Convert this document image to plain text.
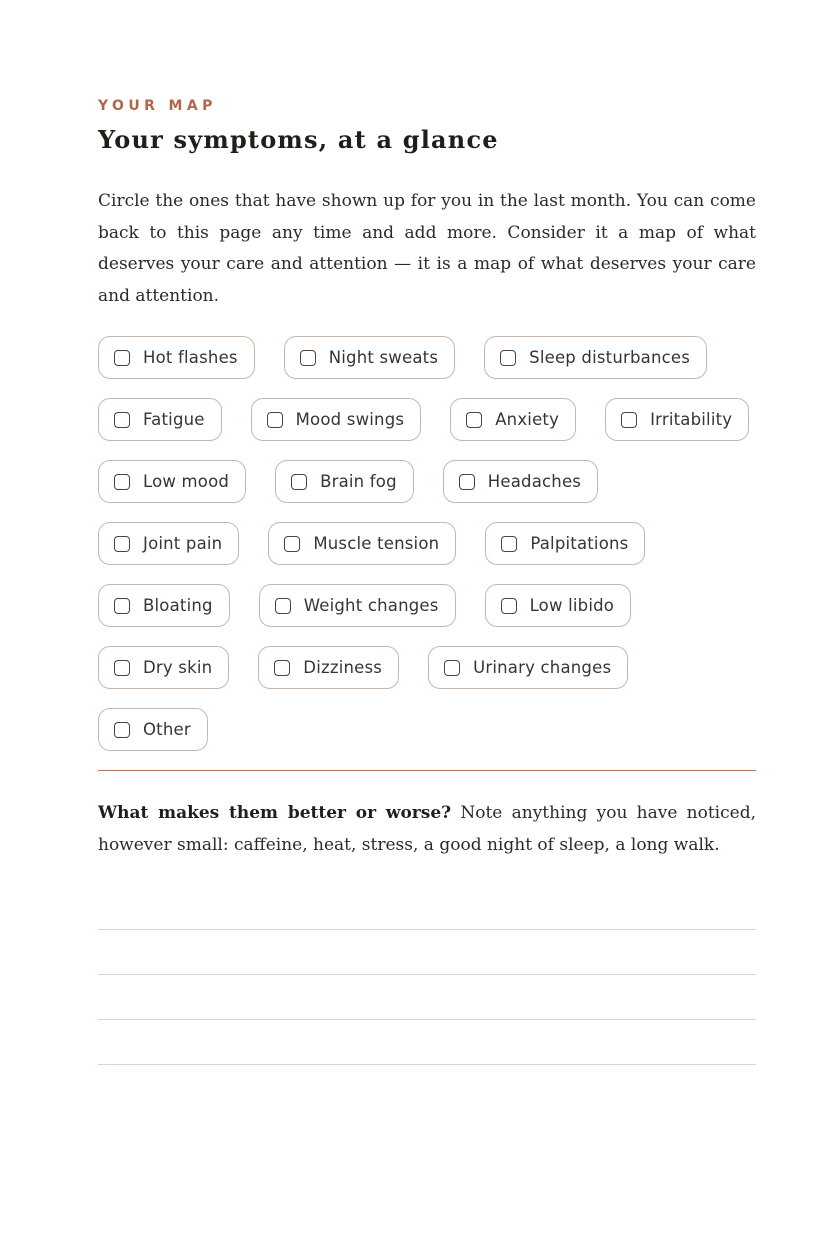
YOUR MAP
Your symptoms, at a glance

Circle the ones that have shown up for you in the last month. You can come back to this page any time and add more. Consider it a map of what deserves your care and attention — it is a map of what deserves your care and attention.

Hot flashes	Night sweats	Sleep disturbances
Fatigue	Mood swings	Anxiety	Irritability
Low mood	Brain fog	Headaches
Joint pain	Muscle tension	Palpitations
Bloating	Weight changes	Low libido
Dry skin	Dizziness	Urinary changes
Other

What makes them better or worse? Note anything you have noticed, however small: caffeine, heat, stress, a good night of sleep, a long walk.
